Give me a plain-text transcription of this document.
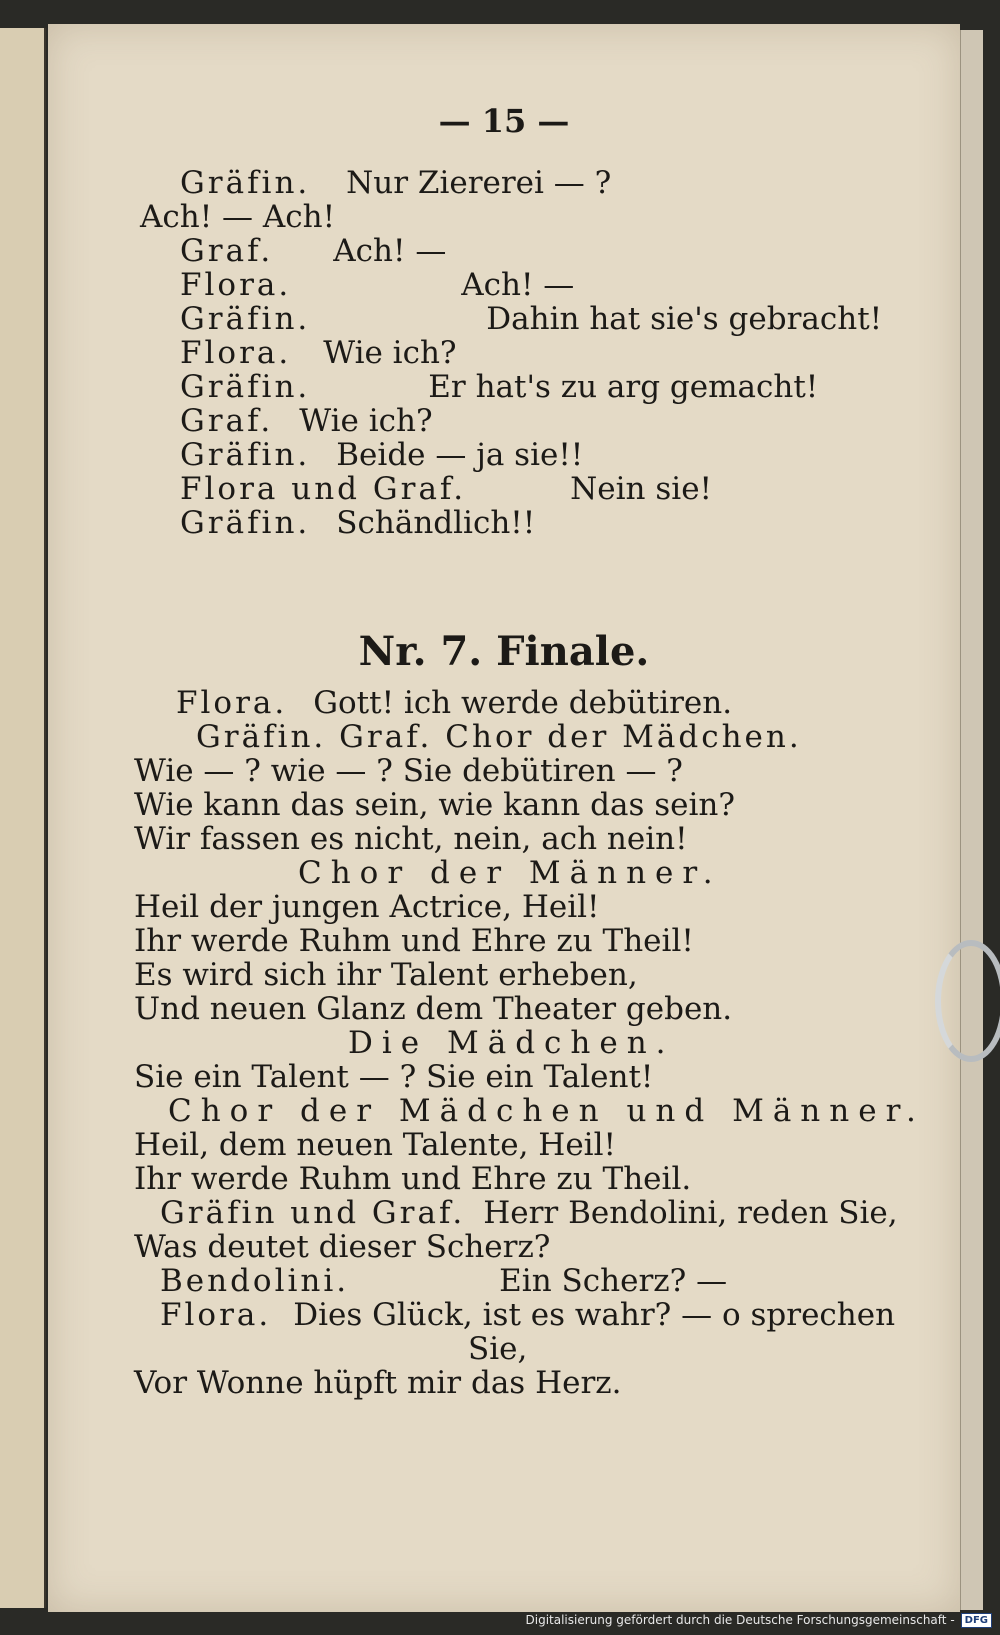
— 15 —
Gräfin. Nur Ziererei — ?
Ach! — Ach!
Graf. Ach! —
Flora.	Ach! —
Gräfin.	Dahin hat sie's gebracht!
Flora. Wie ich?
Gräfin.	Er hat's zu arg gemacht!
Graf. Wie ich?
Gräfin. Beide — ja sie!!
Flora und Graf.	Nein sie!
Gräfin. Schändlich!!
Nr. 7. Finale.
Flora. Gott! ich werde debütiren.
Gräfin. Graf. Chor der Mädchen.
Wie — ? wie — ? Sie debütiren — ?
Wie kann das sein, wie kann das sein?
Wir fassen es nicht, nein, ach nein!
Chor der Männer.
Heil der jungen Actrice, Heil!
Ihr werde Ruhm und Ehre zu Theil!
Es wird sich ihr Talent erheben,
Und neuen Glanz dem Theater geben.
Die Mädchen.
Sie ein Talent — ? Sie ein Talent!
Chor der Mädchen und Männer.
Heil, dem neuen Talente, Heil!
Ihr werde Ruhm und Ehre zu Theil.
Gräfin und Graf. Herr Bendolini, reden Sie,
Was deutet dieser Scherz?
Bendolini.	Ein Scherz? —
Flora. Dies Glück, ist es wahr? — o sprechen
Sie,
Vor Wonne hüpft mir das Herz.
Digitalisierung gefördert durch die Deutsche Forschungsgemeinschaft -	DFG
